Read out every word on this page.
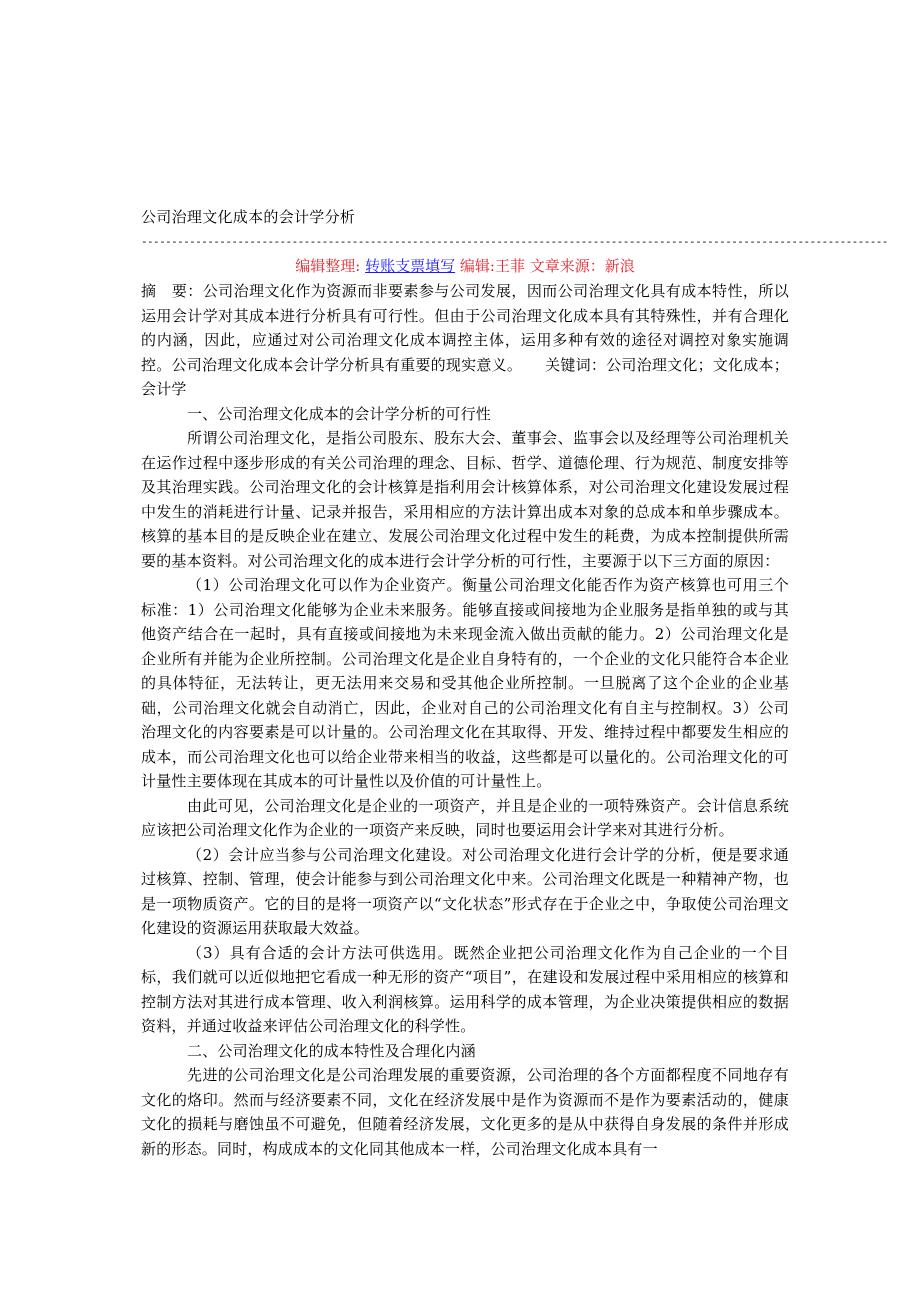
公司治理文化成本的会计学分析

----------------------------------------------------------------------------------------------------------------------------
编辑整理: 转账支票填写 编辑:王菲 文章来源：新浪

摘　要：公司治理文化作为资源而非要素参与公司发展，因而公司治理文化具有成本特性，所以运用会计学对其成本进行分析具有可行性。但由于公司治理文化成本具有其特殊性，并有合理化的内涵，因此，应通过对公司治理文化成本调控主体，运用多种有效的途径对调控对象实施调控。公司治理文化成本会计学分析具有重要的现实意义。　　关键词：公司治理文化；文化成本；会计学

一、公司治理文化成本的会计学分析的可行性

所谓公司治理文化，是指公司股东、股东大会、董事会、监事会以及经理等公司治理机关在运作过程中逐步形成的有关公司治理的理念、目标、哲学、道德伦理、行为规范、制度安排等及其治理实践。公司治理文化的会计核算是指利用会计核算体系，对公司治理文化建设发展过程中发生的消耗进行计量、记录并报告，采用相应的方法计算出成本对象的总成本和单步骤成本。核算的基本目的是反映企业在建立、发展公司治理文化过程中发生的耗费，为成本控制提供所需要的基本资料。对公司治理文化的成本进行会计学分析的可行性，主要源于以下三方面的原因：

（1）公司治理文化可以作为企业资产。衡量公司治理文化能否作为资产核算也可用三个标准：1）公司治理文化能够为企业未来服务。能够直接或间接地为企业服务是指单独的或与其他资产结合在一起时，具有直接或间接地为未来现金流入做出贡献的能力。2）公司治理文化是企业所有并能为企业所控制。公司治理文化是企业自身特有的，一个企业的文化只能符合本企业的具体特征，无法转让，更无法用来交易和受其他企业所控制。一旦脱离了这个企业的企业基础，公司治理文化就会自动消亡，因此，企业对自己的公司治理文化有自主与控制权。3）公司治理文化的内容要素是可以计量的。公司治理文化在其取得、开发、维持过程中都要发生相应的成本，而公司治理文化也可以给企业带来相当的收益，这些都是可以量化的。公司治理文化的可计量性主要体现在其成本的可计量性以及价值的可计量性上。

由此可见，公司治理文化是企业的一项资产，并且是企业的一项特殊资产。会计信息系统应该把公司治理文化作为企业的一项资产来反映，同时也要运用会计学来对其进行分析。

（2）会计应当参与公司治理文化建设。对公司治理文化进行会计学的分析，便是要求通过核算、控制、管理，使会计能参与到公司治理文化中来。公司治理文化既是一种精神产物，也是一项物质资产。它的目的是将一项资产以“文化状态”形式存在于企业之中，争取使公司治理文化建设的资源运用获取最大效益。

（3）具有合适的会计方法可供选用。既然企业把公司治理文化作为自己企业的一个目标，我们就可以近似地把它看成一种无形的资产“项目”，在建设和发展过程中采用相应的核算和控制方法对其进行成本管理、收入利润核算。运用科学的成本管理，为企业决策提供相应的数据资料，并通过收益来评估公司治理文化的科学性。

二、公司治理文化的成本特性及合理化内涵

先进的公司治理文化是公司治理发展的重要资源，公司治理的各个方面都程度不同地存有文化的烙印。然而与经济要素不同，文化在经济发展中是作为资源而不是作为要素活动的，健康文化的损耗与磨蚀虽不可避免，但随着经济发展，文化更多的是从中获得自身发展的条件并形成新的形态。同时，构成成本的文化同其他成本一样，公司治理文化成本具有一
